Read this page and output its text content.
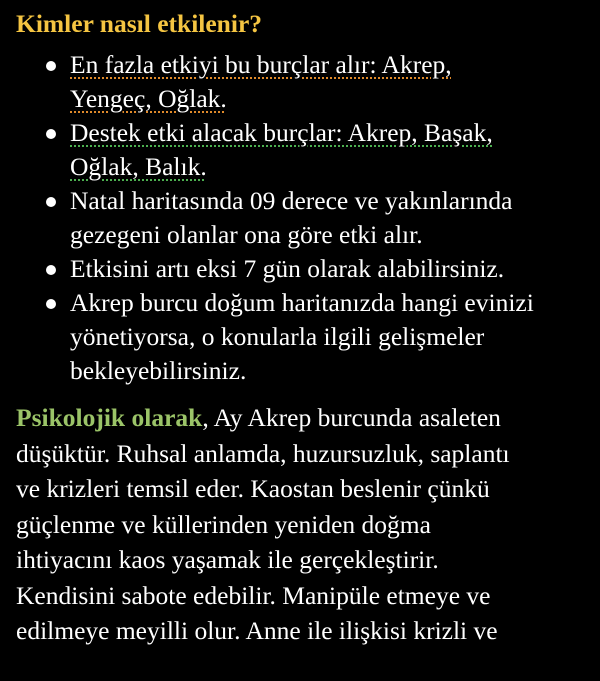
Kimler nasıl etkilenir?
En fazla etkiyi bu burçlar alır: Akrep,
Yengeç, Oğlak.
Destek etki alacak burçlar: Akrep, Başak,
Oğlak, Balık.
Natal haritasında 09 derece ve yakınlarında
gezegeni olanlar ona göre etki alır.
Etkisini artı eksi 7 gün olarak alabilirsiniz.
Akrep burcu doğum haritanızda hangi evinizi
yönetiyorsa, o konularla ilgili gelişmeler
bekleyebilirsiniz.
Psikolojik olarak, Ay Akrep burcunda asaleten
düşüktür. Ruhsal anlamda, huzursuzluk, saplantı
ve krizleri temsil eder. Kaostan beslenir çünkü
güçlenme ve küllerinden yeniden doğma
ihtiyacını kaos yaşamak ile gerçekleştirir.
Kendisini sabote edebilir. Manipüle etmeye ve
edilmeye meyilli olur. Anne ile ilişkisi krizli ve
